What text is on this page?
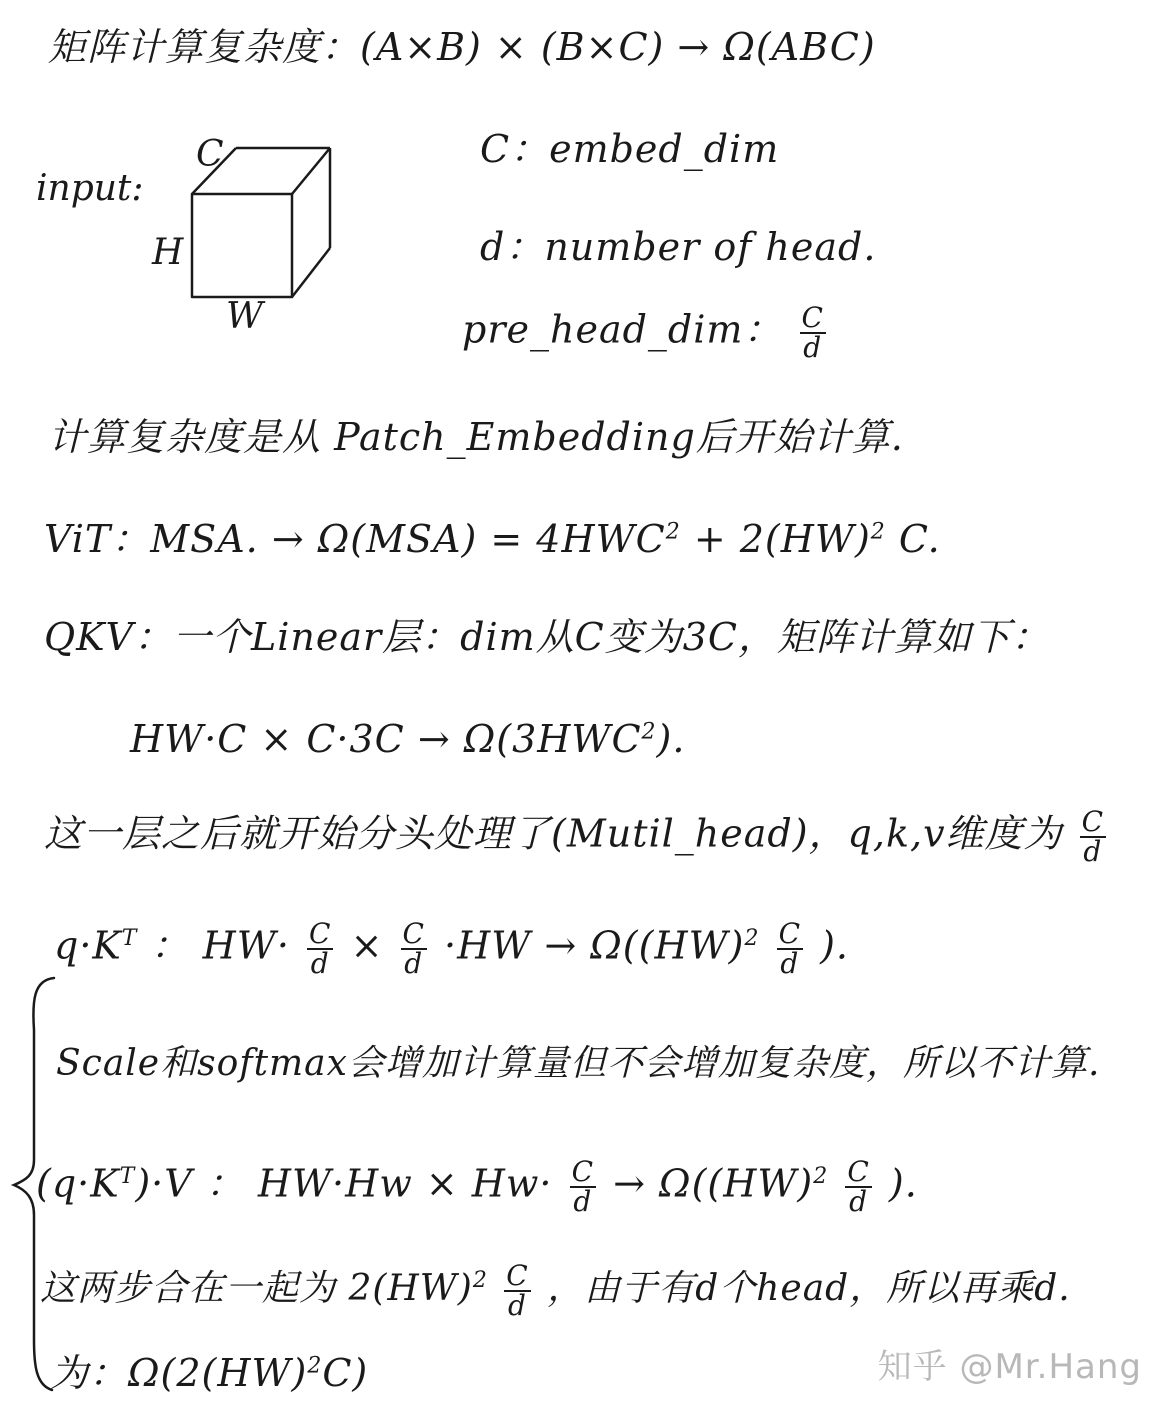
矩阵计算复杂度：(A×B) × (B×C) → Ω(ABC)
input:
C
H
W
C：embed_dim
d：number of head.
pre_head_dim： $\frac{C}{d}$
计算复杂度是从 Patch_Embedding后开始计算.
ViT：MSA. → $\Omega(MSA) = 4HWC^2 + 2(HW)^2$ C.
QKV：一个Linear层：dim从C变为3C，矩阵计算如下：
$HW\cdot C \times C\cdot 3C \to \Omega(3HWC^2)$.
这一层之后就开始分头处理了(Mutil_head)，q,k,v维度为 $\frac{C}{d}$
$q\cdot K^T$ ： $HW\cdot \frac{C}{d} \times \frac{C}{d} \cdot HW \to \Omega((HW)^2 \frac{C}{d}$ ).
Scale和softmax会增加计算量但不会增加复杂度，所以不计算.
$(q\cdot K^T)\cdot V$ ： $HW\cdot Hw \times Hw\cdot \frac{C}{d} \to \Omega((HW)^2 \frac{C}{d}$ ).
这两步合在一起为 $2(HW)^2 \frac{C}{d}$ ，由于有d个head，所以再乘d.
为：Ω(2(HW)$^2$C)	知乎 @Mr.Hang
